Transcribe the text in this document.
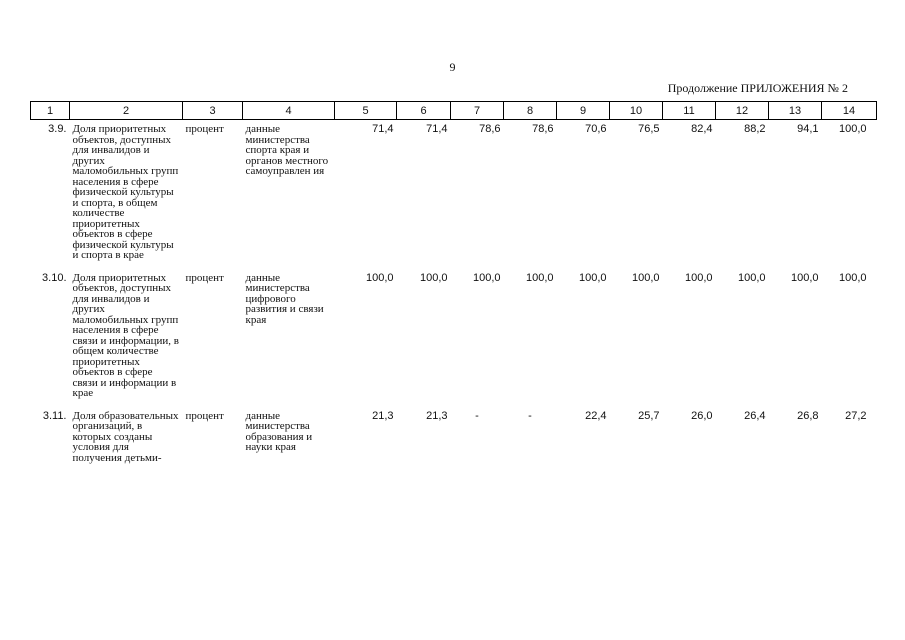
9
Продолжение ПРИЛОЖЕНИЯ № 2
1	2	3	4	5	6	7	8	9	10	11	12	13	14
3.9.	Доля приоритетных объектов, доступных для инвалидов и других маломобильных групп населения в сфере физической культуры и спорта, в общем количестве приоритетных объектов в сфере физической культуры и спорта в крае	процент	данные министерства спорта края и органов местного самоуправлен ия	71,4	71,4	78,6	78,6	70,6	76,5	82,4	88,2	94,1	100,0
3.10.	Доля приоритетных объектов, доступных для инвалидов и других маломобильных групп населения в сфере связи и информации, в общем количестве приоритетных объектов в сфере связи и информации в крае	процент	данные министерства цифрового развития и связи края	100,0	100,0	100,0	100,0	100,0	100,0	100,0	100,0	100,0	100,0
3.11.	Доля образовательных организаций, в которых созданы условия для получения детьми-	процент	данные министерства образования и науки края	21,3	21,3	-	-	22,4	25,7	26,0	26,4	26,8	27,2
